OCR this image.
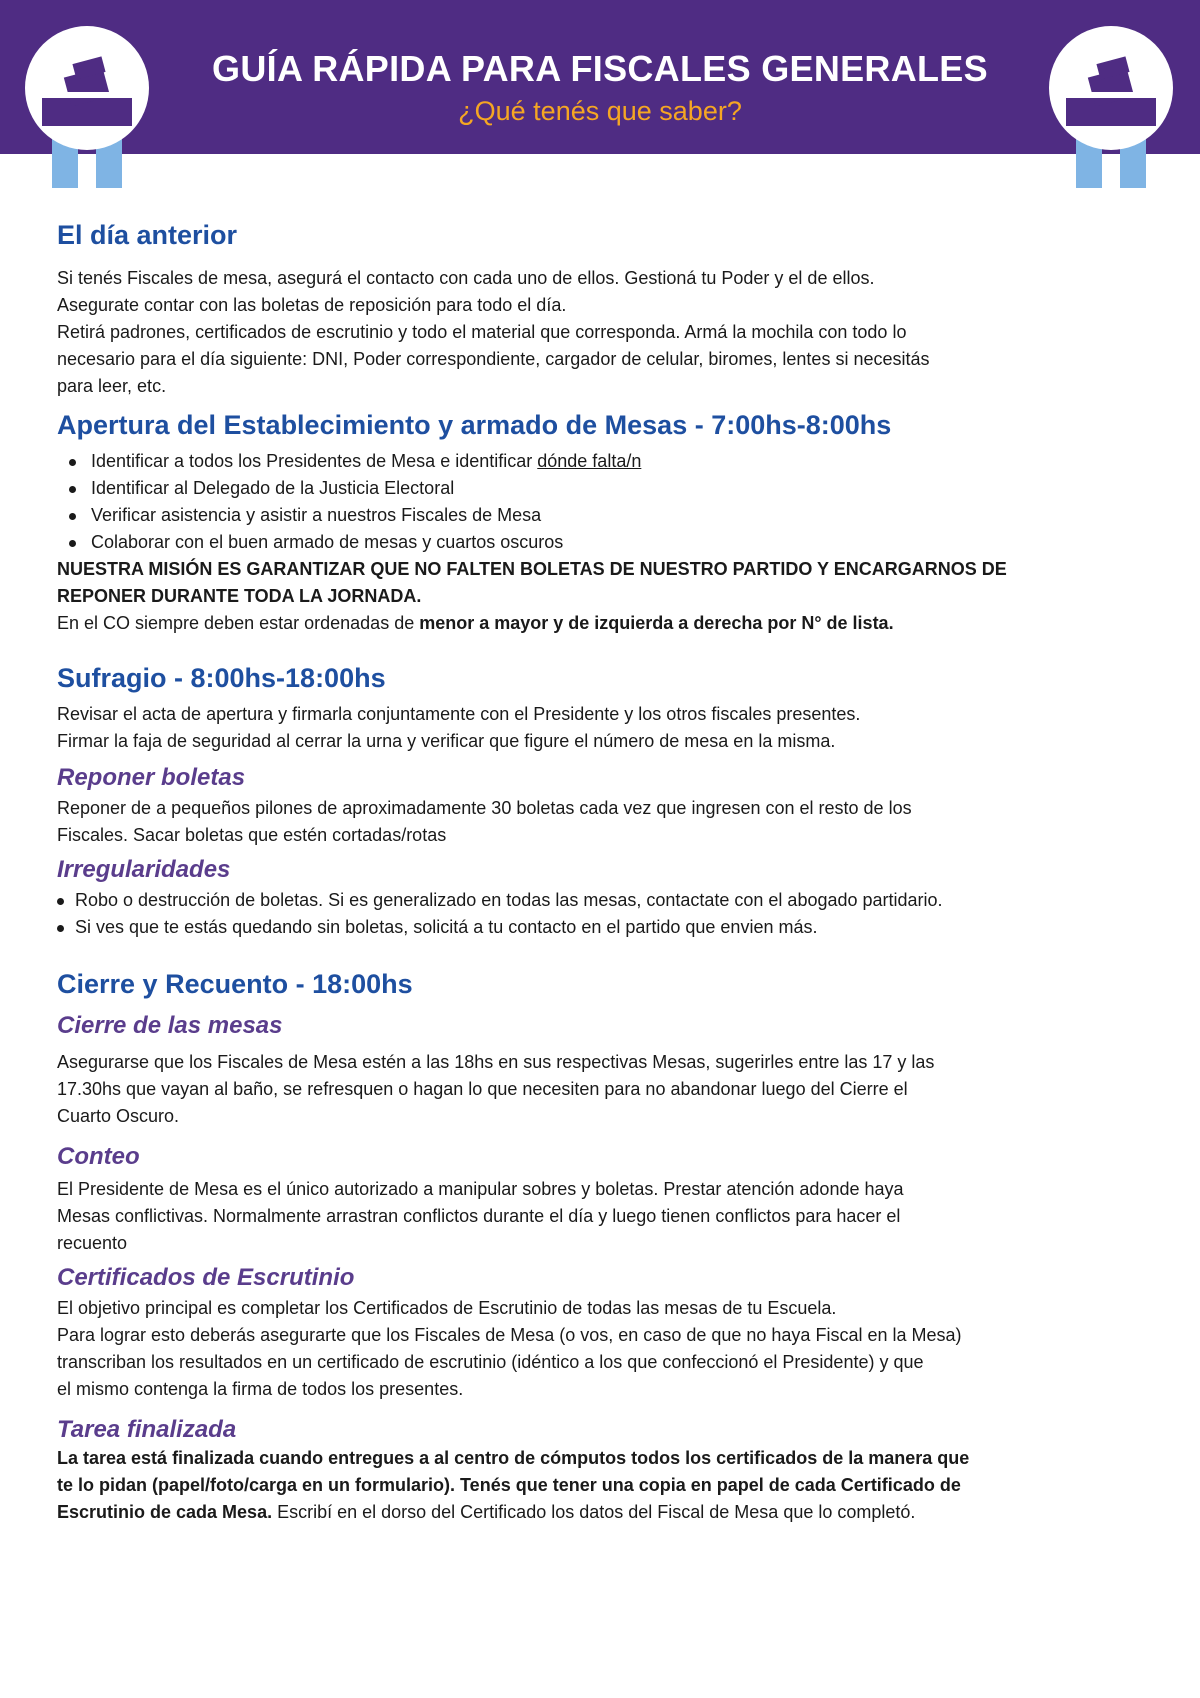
GUÍA RÁPIDA PARA FISCALES GENERALES

¿Qué tenés que saber?

El día anterior

Si tenés Fiscales de mesa, asegurá el contacto con cada uno de ellos. Gestioná tu Poder y el de ellos.

Asegurate contar con las boletas de reposición para todo el día.

Retirá padrones, certificados de escrutinio y todo el material que corresponda. Armá la mochila con todo lo

necesario para el día siguiente: DNI, Poder correspondiente, cargador de celular, biromes, lentes si necesitás

para leer, etc.

Apertura del Establecimiento y armado de Mesas - 7:00hs-8:00hs
Identificar a todos los Presidentes de Mesa e identificar dónde falta/n
Identificar al Delegado de la Justicia Electoral
Verificar asistencia y asistir a nuestros Fiscales de Mesa
Colaborar con el buen armado de mesas y cuartos oscuros

NUESTRA MISIÓN ES GARANTIZAR QUE NO FALTEN BOLETAS DE NUESTRO PARTIDO Y ENCARGARNOS DE

REPONER DURANTE TODA LA JORNADA.

En el CO siempre deben estar ordenadas de menor a mayor y de izquierda a derecha por N° de lista.

Sufragio - 8:00hs-18:00hs

Revisar el acta de apertura y firmarla conjuntamente con el Presidente y los otros fiscales presentes.

Firmar la faja de seguridad al cerrar la urna y verificar que figure el número de mesa en la misma.

Reponer boletas

Reponer de a pequeños pilones de aproximadamente 30 boletas cada vez que ingresen con el resto de los

Fiscales. Sacar boletas que estén cortadas/rotas

Irregularidades
Robo o destrucción de boletas. Si es generalizado en todas las mesas, contactate con el abogado partidario.
Si ves que te estás quedando sin boletas, solicitá a tu contacto en el partido que envien más.
Cierre y Recuento - 18:00hs
Cierre de las mesas

Asegurarse que los Fiscales de Mesa estén a las 18hs en sus respectivas Mesas, sugerirles entre las 17 y las

17.30hs que vayan al baño, se refresquen o hagan lo que necesiten para no abandonar luego del Cierre el

Cuarto Oscuro.

Conteo

El Presidente de Mesa es el único autorizado a manipular sobres y boletas. Prestar atención adonde haya

Mesas conflictivas. Normalmente arrastran conflictos durante el día y luego tienen conflictos para hacer el

recuento

Certificados de Escrutinio

El objetivo principal es completar los Certificados de Escrutinio de todas las mesas de tu Escuela.

Para lograr esto deberás asegurarte que los Fiscales de Mesa (o vos, en caso de que no haya Fiscal en la Mesa)

transcriban los resultados en un certificado de escrutinio (idéntico a los que confeccionó el Presidente) y que

el mismo contenga la firma de todos los presentes.

Tarea finalizada

La tarea está finalizada cuando entregues a al centro de cómputos todos los certificados de la manera que

te lo pidan (papel/foto/carga en un formulario). Tenés que tener una copia en papel de cada Certificado de

Escrutinio de cada Mesa. Escribí en el dorso del Certificado los datos del Fiscal de Mesa que lo completó.
